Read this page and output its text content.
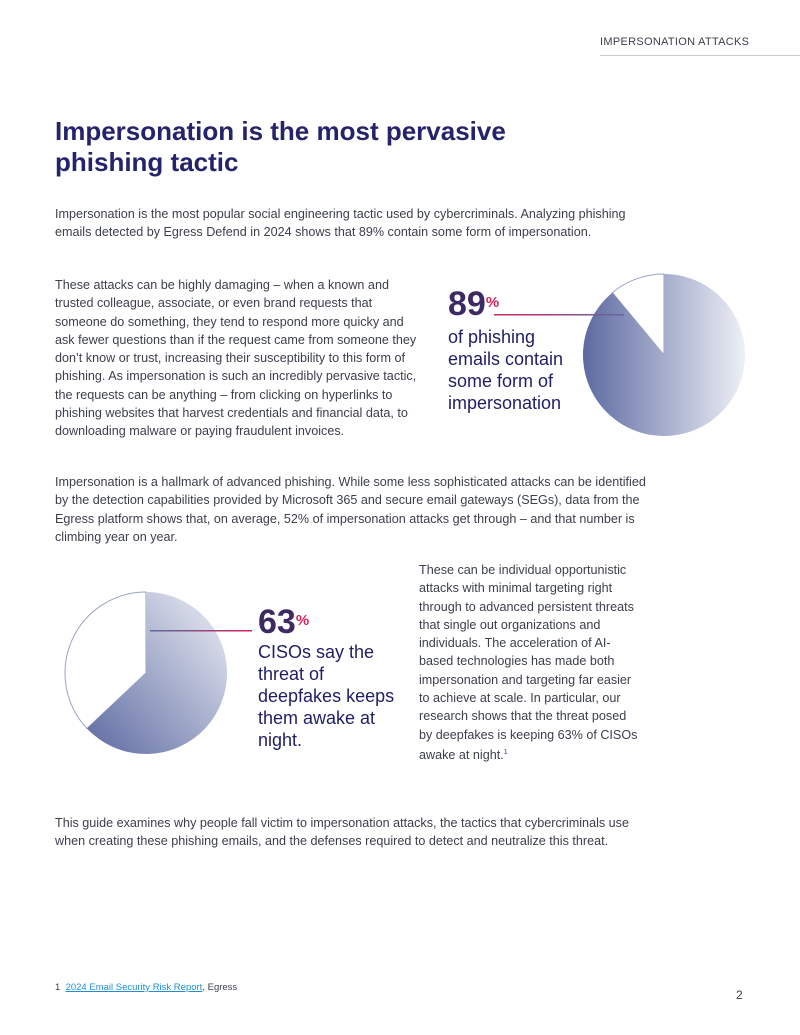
IMPERSONATION ATTACKS
Impersonation is the most pervasive phishing tactic

Impersonation is the most popular social engineering tactic used by cybercriminals. Analyzing phishing emails detected by Egress Defend in 2024 shows that 89% contain some form of impersonation.

These attacks can be highly damaging – when a known and trusted colleague, associate, or even brand requests that someone do something, they tend to respond more quicky and ask fewer questions than if the request came from someone they don’t know or trust, increasing their susceptibility to this form of phishing. As impersonation is such an incredibly pervasive tactic, the requests can be anything – from clicking on hyperlinks to phishing websites that harvest credentials and financial data, to downloading malware or paying fraudulent invoices.

89%

of phishing emails contain some form of impersonation

Impersonation is a hallmark of advanced phishing. While some less sophisticated attacks can be identified by the detection capabilities provided by Microsoft 365 and secure email gateways (SEGs), data from the Egress platform shows that, on average, 52% of impersonation attacks get through – and that number is climbing year on year.

63%

CISOs say the threat of deepfakes keeps them awake at night.

These can be individual opportunistic attacks with minimal targeting right through to advanced persistent threats that single out organizations and individuals. The acceleration of AI-based technologies has made both impersonation and targeting far easier to achieve at scale. In particular, our research shows that the threat posed by deepfakes is keeping 63% of CISOs awake at night.$^1$

This guide examines why people fall victim to impersonation attacks, the tactics that cybercriminals use when creating these phishing emails, and the defenses required to detect and neutralize this threat.

1 2024 Email Security Risk Report, Egress
2
